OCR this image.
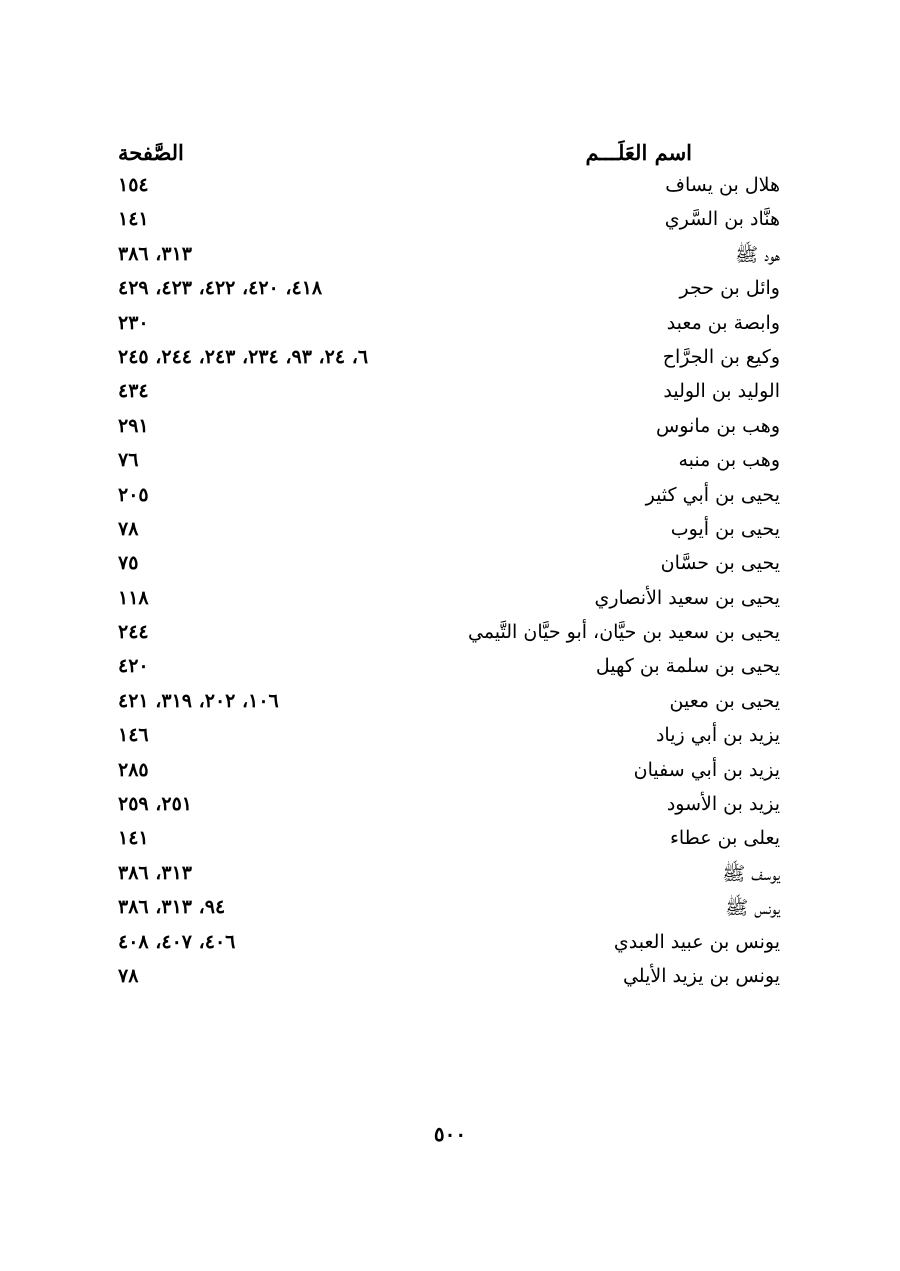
اسم العَلَـــم
الصَّفحة
هلال بن يساف
١٥٤
هنَّاد بن السَّري
١٤١
هود ﷺ
٣١٣، ٣٨٦
وائل بن حجر
٤١٨، ٤٢٠، ٤٢٢، ٤٢٣، ٤٢٩
وابصة بن معبد
٢٣٠
وكيع بن الجرَّاح
٦، ٢٤، ٩٣، ٢٣٤، ٢٤٣، ٢٤٤، ٢٤٥
الوليد بن الوليد
٤٣٤
وهب بن مانوس
٢٩١
وهب بن منبه
٧٦
يحيى بن أبي كثير
٢٠٥
يحيى بن أيوب
٧٨
يحيى بن حسَّان
٧٥
يحيى بن سعيد الأنصاري
١١٨
يحيى بن سعيد بن حيَّان، أبو حيَّان التَّيمي
٢٤٤
يحيى بن سلمة بن كهيل
٤٢٠
يحيى بن معين
١٠٦، ٢٠٢، ٣١٩، ٤٢١
يزيد بن أبي زياد
١٤٦
يزيد بن أبي سفيان
٢٨٥
يزيد بن الأسود
٢٥١، ٢٥٩
يعلى بن عطاء
١٤١
يوسف ﷺ
٣١٣، ٣٨٦
يونس ﷺ
٩٤، ٣١٣، ٣٨٦
يونس بن عبيد العبدي
٤٠٦، ٤٠٧، ٤٠٨
يونس بن يزيد الأيلي
٧٨
٥٠٠
